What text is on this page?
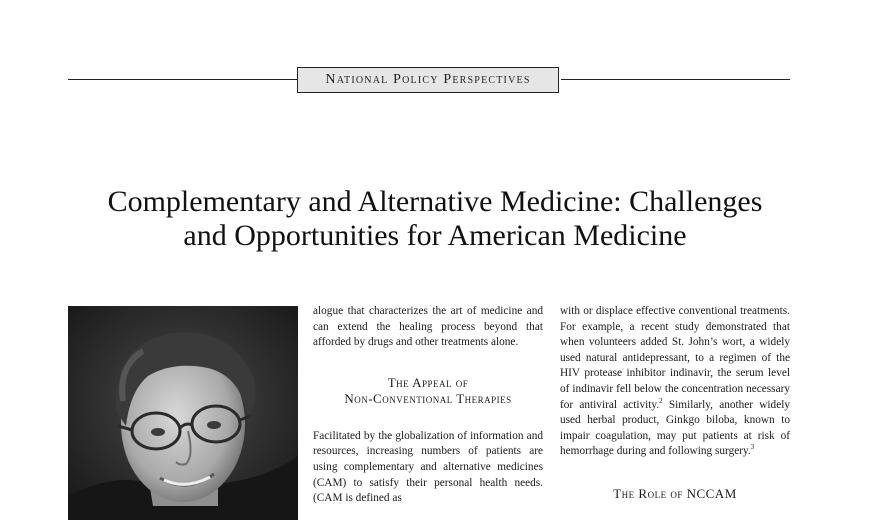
National Policy Perspectives
Complementary and Alternative Medicine: Challenges
and Opportunities for American Medicine

alogue that characterizes the art of medicine and can extend the healing process beyond that afforded by drugs and other treatments alone.

The Appeal of
Non-Conventional Therapies

Facilitated by the globalization of information and resources, increasing numbers of patients are using complementary and alternative medicines (CAM) to satisfy their personal health needs. (CAM is defined as

with or displace effective conventional treatments. For example, a recent study demonstrated that when volunteers added St. John’s wort, a widely used natural antidepressant, to a regimen of the HIV protease inhibitor indinavir, the serum level of indinavir fell below the concentration necessary for antiviral activity.$^2$ Similarly, another widely used herbal product, Ginkgo biloba, known to impair coagulation, may put patients at risk of hemorrhage during and following surgery.$^3$

The Role of NCCAM
